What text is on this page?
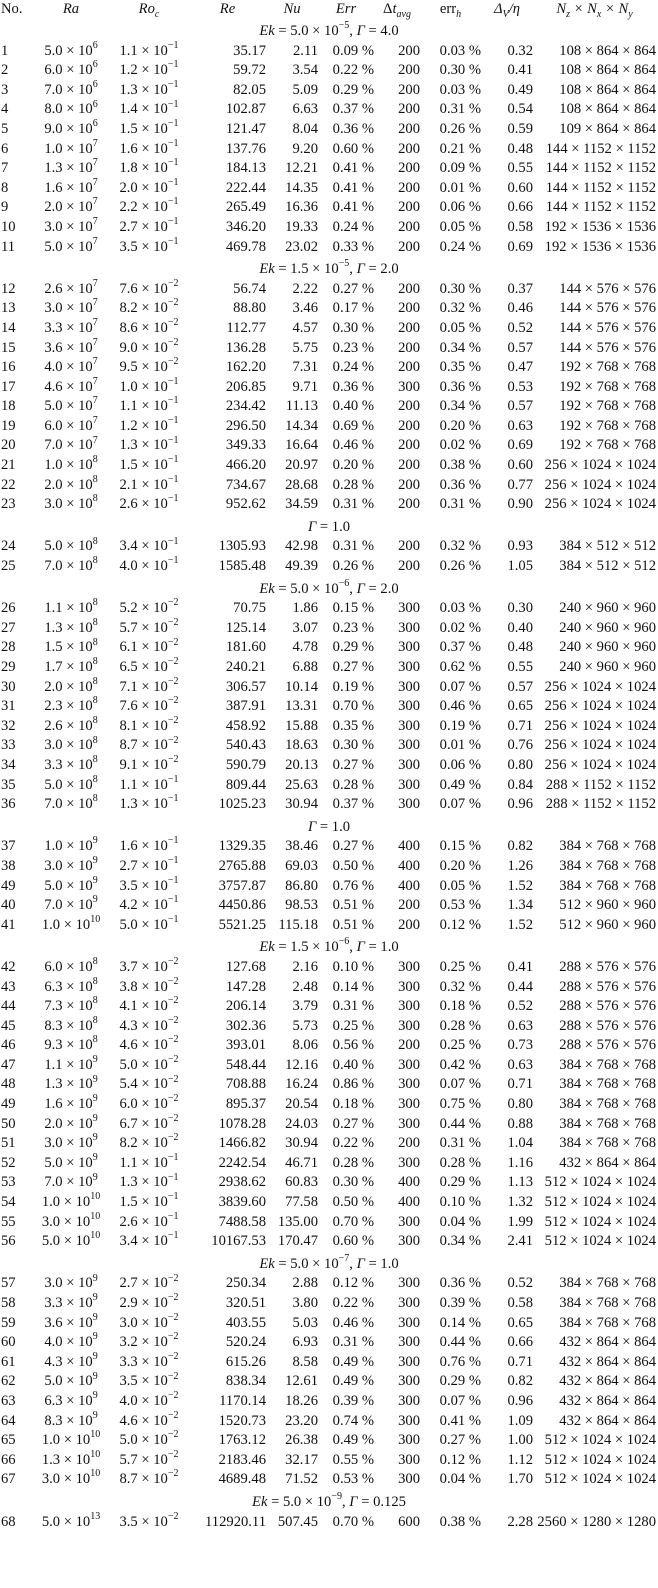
No.	Ra	$Ro_c$	Re	Nu	Err	$\Delta t_{avg}$	err$_h$	$\Delta_V/\eta$	$N_z \times N_x \times N_y$
$Ek = 5.0 \times 10^{-5}$, Γ = 4.0									
1	$5.0 \times 10^6$	$1.1 \times 10^{-1}$	35.17	2.11	0.09 %	200	0.03 %	0.32	108 × 864 × 864
2	$6.0 \times 10^6$	$1.2 \times 10^{-1}$	59.72	3.54	0.22 %	200	0.30 %	0.41	108 × 864 × 864
3	$7.0 \times 10^6$	$1.3 \times 10^{-1}$	82.05	5.09	0.29 %	200	0.03 %	0.49	108 × 864 × 864
4	$8.0 \times 10^6$	$1.4 \times 10^{-1}$	102.87	6.63	0.37 %	200	0.31 %	0.54	108 × 864 × 864
5	$9.0 \times 10^6$	$1.5 \times 10^{-1}$	121.47	8.04	0.36 %	200	0.26 %	0.59	109 × 864 × 864
6	$1.0 \times 10^7$	$1.6 \times 10^{-1}$	137.76	9.20	0.60 %	200	0.21 %	0.48	144 × 1152 × 1152
7	$1.3 \times 10^7$	$1.8 \times 10^{-1}$	184.13	12.21	0.41 %	200	0.09 %	0.55	144 × 1152 × 1152
8	$1.6 \times 10^7$	$2.0 \times 10^{-1}$	222.44	14.35	0.41 %	200	0.01 %	0.60	144 × 1152 × 1152
9	$2.0 \times 10^7$	$2.2 \times 10^{-1}$	265.49	16.36	0.41 %	200	0.06 %	0.66	144 × 1152 × 1152
10	$3.0 \times 10^7$	$2.7 \times 10^{-1}$	346.20	19.33	0.24 %	200	0.05 %	0.58	192 × 1536 × 1536
11	$5.0 \times 10^7$	$3.5 \times 10^{-1}$	469.78	23.02	0.33 %	200	0.24 %	0.69	192 × 1536 × 1536

$Ek = 1.5 \times 10^{-5}$, Γ = 2.0									
12	$2.6 \times 10^7$	$7.6 \times 10^{-2}$	56.74	2.22	0.27 %	200	0.30 %	0.37	144 × 576 × 576
13	$3.0 \times 10^7$	$8.2 \times 10^{-2}$	88.80	3.46	0.17 %	200	0.32 %	0.46	144 × 576 × 576
14	$3.3 \times 10^7$	$8.6 \times 10^{-2}$	112.77	4.57	0.30 %	200	0.05 %	0.52	144 × 576 × 576
15	$3.6 \times 10^7$	$9.0 \times 10^{-2}$	136.28	5.75	0.23 %	200	0.34 %	0.57	144 × 576 × 576
16	$4.0 \times 10^7$	$9.5 \times 10^{-2}$	162.20	7.31	0.24 %	200	0.35 %	0.47	192 × 768 × 768
17	$4.6 \times 10^7$	$1.0 \times 10^{-1}$	206.85	9.71	0.36 %	300	0.36 %	0.53	192 × 768 × 768
18	$5.0 \times 10^7$	$1.1 \times 10^{-1}$	234.42	11.13	0.40 %	200	0.34 %	0.57	192 × 768 × 768
19	$6.0 \times 10^7$	$1.2 \times 10^{-1}$	296.50	14.34	0.69 %	200	0.20 %	0.63	192 × 768 × 768
20	$7.0 \times 10^7$	$1.3 \times 10^{-1}$	349.33	16.64	0.46 %	200	0.02 %	0.69	192 × 768 × 768
21	$1.0 \times 10^8$	$1.5 \times 10^{-1}$	466.20	20.97	0.20 %	200	0.38 %	0.60	256 × 1024 × 1024
22	$2.0 \times 10^8$	$2.1 \times 10^{-1}$	734.67	28.68	0.28 %	200	0.36 %	0.77	256 × 1024 × 1024
23	$3.0 \times 10^8$	$2.6 \times 10^{-1}$	952.62	34.59	0.31 %	200	0.31 %	0.90	256 × 1024 × 1024

Γ = 1.0									
24	$5.0 \times 10^8$	$3.4 \times 10^{-1}$	1305.93	42.98	0.31 %	200	0.32 %	0.93	384 × 512 × 512
25	$7.0 \times 10^8$	$4.0 \times 10^{-1}$	1585.48	49.39	0.26 %	200	0.26 %	1.05	384 × 512 × 512

$Ek = 5.0 \times 10^{-6}$, Γ = 2.0									
26	$1.1 \times 10^8$	$5.2 \times 10^{-2}$	70.75	1.86	0.15 %	300	0.03 %	0.30	240 × 960 × 960
27	$1.3 \times 10^8$	$5.7 \times 10^{-2}$	125.14	3.07	0.23 %	300	0.02 %	0.40	240 × 960 × 960
28	$1.5 \times 10^8$	$6.1 \times 10^{-2}$	181.60	4.78	0.29 %	300	0.37 %	0.48	240 × 960 × 960
29	$1.7 \times 10^8$	$6.5 \times 10^{-2}$	240.21	6.88	0.27 %	300	0.62 %	0.55	240 × 960 × 960
30	$2.0 \times 10^8$	$7.1 \times 10^{-2}$	306.57	10.14	0.19 %	300	0.07 %	0.57	256 × 1024 × 1024
31	$2.3 \times 10^8$	$7.6 \times 10^{-2}$	387.91	13.31	0.70 %	300	0.46 %	0.65	256 × 1024 × 1024
32	$2.6 \times 10^8$	$8.1 \times 10^{-2}$	458.92	15.88	0.35 %	300	0.19 %	0.71	256 × 1024 × 1024
33	$3.0 \times 10^8$	$8.7 \times 10^{-2}$	540.43	18.63	0.30 %	300	0.01 %	0.76	256 × 1024 × 1024
34	$3.3 \times 10^8$	$9.1 \times 10^{-2}$	590.79	20.13	0.27 %	300	0.06 %	0.80	256 × 1024 × 1024
35	$5.0 \times 10^8$	$1.1 \times 10^{-1}$	809.44	25.63	0.28 %	300	0.49 %	0.84	288 × 1152 × 1152
36	$7.0 \times 10^8$	$1.3 \times 10^{-1}$	1025.23	30.94	0.37 %	300	0.07 %	0.96	288 × 1152 × 1152

Γ = 1.0									
37	$1.0 \times 10^9$	$1.6 \times 10^{-1}$	1329.35	38.46	0.27 %	400	0.15 %	0.82	384 × 768 × 768
38	$3.0 \times 10^9$	$2.7 \times 10^{-1}$	2765.88	69.03	0.50 %	400	0.20 %	1.26	384 × 768 × 768
49	$5.0 \times 10^9$	$3.5 \times 10^{-1}$	3757.87	86.80	0.76 %	400	0.05 %	1.52	384 × 768 × 768
40	$7.0 \times 10^9$	$4.2 \times 10^{-1}$	4450.86	98.53	0.51 %	200	0.53 %	1.34	512 × 960 × 960
41	$1.0 \times 10^{10}$	$5.0 \times 10^{-1}$	5521.25	115.18	0.51 %	200	0.12 %	1.52	512 × 960 × 960

$Ek = 1.5 \times 10^{-6}$, Γ = 1.0									
42	$6.0 \times 10^8$	$3.7 \times 10^{-2}$	127.68	2.16	0.10 %	300	0.25 %	0.41	288 × 576 × 576
43	$6.3 \times 10^8$	$3.8 \times 10^{-2}$	147.28	2.48	0.14 %	300	0.32 %	0.44	288 × 576 × 576
44	$7.3 \times 10^8$	$4.1 \times 10^{-2}$	206.14	3.79	0.31 %	300	0.18 %	0.52	288 × 576 × 576
45	$8.3 \times 10^8$	$4.3 \times 10^{-2}$	302.36	5.73	0.25 %	300	0.28 %	0.63	288 × 576 × 576
46	$9.3 \times 10^8$	$4.6 \times 10^{-2}$	393.01	8.06	0.56 %	200	0.25 %	0.73	288 × 576 × 576
47	$1.1 \times 10^9$	$5.0 \times 10^{-2}$	548.44	12.16	0.40 %	300	0.42 %	0.63	384 × 768 × 768
48	$1.3 \times 10^9$	$5.4 \times 10^{-2}$	708.88	16.24	0.86 %	300	0.07 %	0.71	384 × 768 × 768
49	$1.6 \times 10^9$	$6.0 \times 10^{-2}$	895.37	20.54	0.18 %	300	0.75 %	0.80	384 × 768 × 768
50	$2.0 \times 10^9$	$6.7 \times 10^{-2}$	1078.28	24.03	0.27 %	300	0.44 %	0.88	384 × 768 × 768
51	$3.0 \times 10^9$	$8.2 \times 10^{-2}$	1466.82	30.94	0.22 %	200	0.31 %	1.04	384 × 768 × 768
52	$5.0 \times 10^9$	$1.1 \times 10^{-1}$	2242.54	46.71	0.28 %	300	0.28 %	1.16	432 × 864 × 864
53	$7.0 \times 10^9$	$1.3 \times 10^{-1}$	2938.62	60.83	0.30 %	400	0.29 %	1.13	512 × 1024 × 1024
54	$1.0 \times 10^{10}$	$1.5 \times 10^{-1}$	3839.60	77.58	0.50 %	400	0.10 %	1.32	512 × 1024 × 1024
55	$3.0 \times 10^{10}$	$2.6 \times 10^{-1}$	7488.58	135.00	0.70 %	300	0.04 %	1.99	512 × 1024 × 1024
56	$5.0 \times 10^{10}$	$3.4 \times 10^{-1}$	10167.53	170.47	0.60 %	300	0.34 %	2.41	512 × 1024 × 1024

$Ek = 5.0 \times 10^{-7}$, Γ = 1.0									
57	$3.0 \times 10^9$	$2.7 \times 10^{-2}$	250.34	2.88	0.12 %	300	0.36 %	0.52	384 × 768 × 768
58	$3.3 \times 10^9$	$2.9 \times 10^{-2}$	320.51	3.80	0.22 %	300	0.39 %	0.58	384 × 768 × 768
59	$3.6 \times 10^9$	$3.0 \times 10^{-2}$	403.55	5.03	0.46 %	300	0.14 %	0.65	384 × 768 × 768
60	$4.0 \times 10^9$	$3.2 \times 10^{-2}$	520.24	6.93	0.31 %	300	0.44 %	0.66	432 × 864 × 864
61	$4.3 \times 10^9$	$3.3 \times 10^{-2}$	615.26	8.58	0.49 %	300	0.76 %	0.71	432 × 864 × 864
62	$5.0 \times 10^9$	$3.5 \times 10^{-2}$	838.34	12.61	0.49 %	300	0.29 %	0.82	432 × 864 × 864
63	$6.3 \times 10^9$	$4.0 \times 10^{-2}$	1170.14	18.26	0.39 %	300	0.07 %	0.96	432 × 864 × 864
64	$8.3 \times 10^9$	$4.6 \times 10^{-2}$	1520.73	23.20	0.74 %	300	0.41 %	1.09	432 × 864 × 864
65	$1.0 \times 10^{10}$	$5.0 \times 10^{-2}$	1763.12	26.38	0.49 %	300	0.27 %	1.00	512 × 1024 × 1024
66	$1.3 \times 10^{10}$	$5.7 \times 10^{-2}$	2183.46	32.17	0.55 %	300	0.12 %	1.12	512 × 1024 × 1024
67	$3.0 \times 10^{10}$	$8.7 \times 10^{-2}$	4689.48	71.52	0.53 %	300	0.04 %	1.70	512 × 1024 × 1024

$Ek = 5.0 \times 10^{-9}$, Γ = 0.125									
68	$5.0 \times 10^{13}$	$3.5 \times 10^{-2}$	112920.11	507.45	0.70 %	600	0.38 %	2.28	2560 × 1280 × 1280
